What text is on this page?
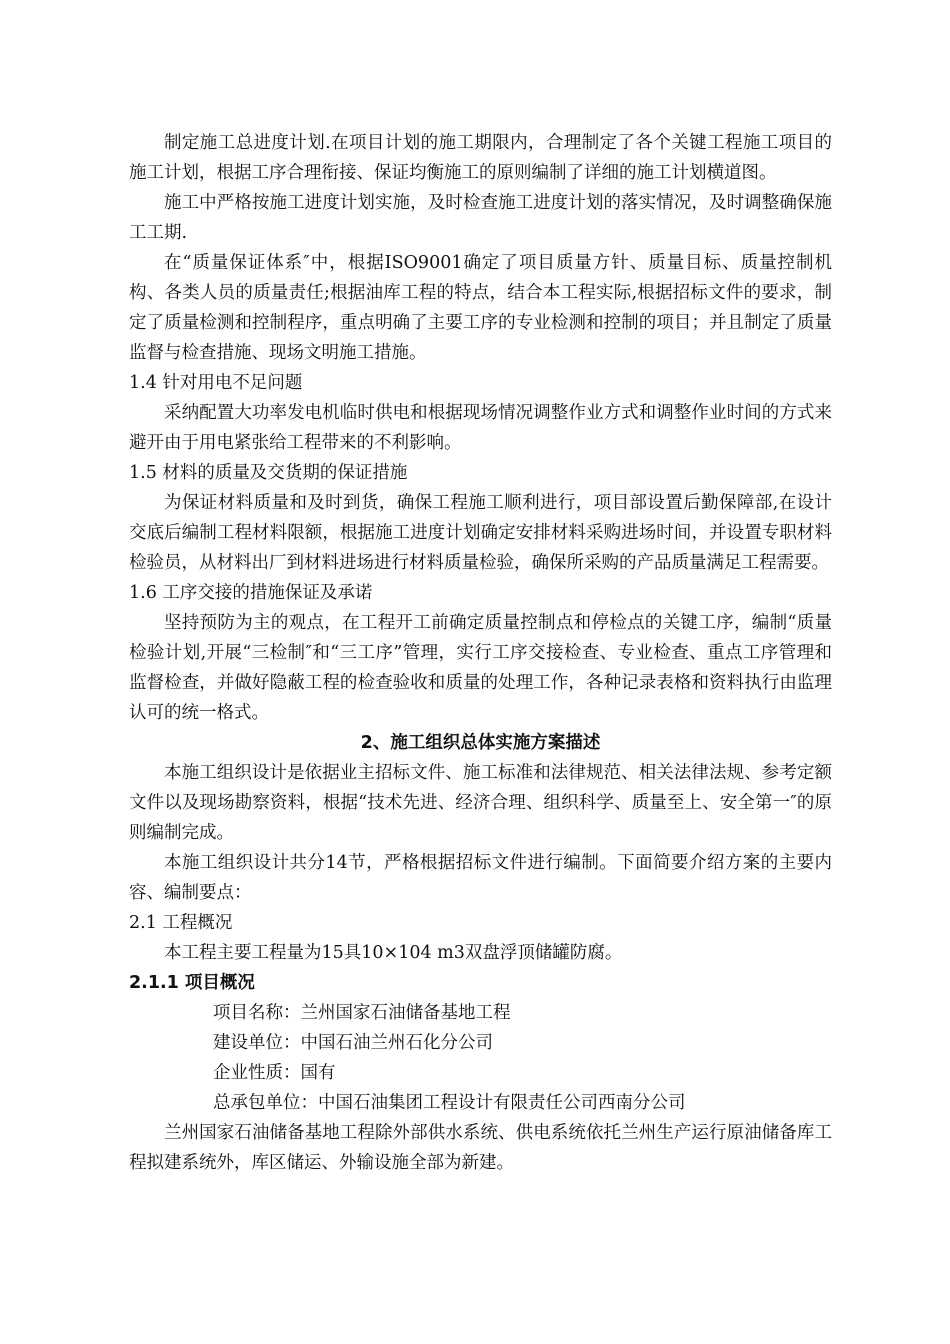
制定施工总进度计划.在项目计划的施工期限内，合理制定了各个关键工程施工项目的施工计划，根据工序合理衔接、保证均衡施工的原则编制了详细的施工计划横道图。

施工中严格按施工进度计划实施，及时检查施工进度计划的落实情况，及时调整确保施工工期.

在“质量保证体系″中，根据ISO9001确定了项目质量方针、质量目标、质量控制机构、各类人员的质量责任;根据油库工程的特点，结合本工程实际,根据招标文件的要求，制定了质量检测和控制程序，重点明确了主要工序的专业检测和控制的项目；并且制定了质量监督与检查措施、现场文明施工措施。

1.4 针对用电不足问题

采纳配置大功率发电机临时供电和根据现场情况调整作业方式和调整作业时间的方式来避开由于用电紧张给工程带来的不利影响。

1.5 材料的质量及交货期的保证措施

为保证材料质量和及时到货，确保工程施工顺利进行，项目部设置后勤保障部,在设计交底后编制工程材料限额，根据施工进度计划确定安排材料采购进场时间，并设置专职材料检验员，从材料出厂到材料进场进行材料质量检验，确保所采购的产品质量满足工程需要。

1.6 工序交接的措施保证及承诺

坚持预防为主的观点，在工程开工前确定质量控制点和停检点的关键工序，编制“质量检验计划,开展“三检制″和“三工序”管理，实行工序交接检查、专业检查、重点工序管理和监督检查，并做好隐蔽工程的检查验收和质量的处理工作，各种记录表格和资料执行由监理认可的统一格式。

2、施工组织总体实施方案描述

本施工组织设计是依据业主招标文件、施工标准和法律规范、相关法律法规、参考定额文件以及现场勘察资料，根据“技术先进、经济合理、组织科学、质量至上、安全第一″的原则编制完成。

本施工组织设计共分14节，严格根据招标文件进行编制。下面简要介绍方案的主要内容、编制要点：

2.1 工程概况

本工程主要工程量为15具10×104 m3双盘浮顶储罐防腐。

2.1.1 项目概况

项目名称：兰州国家石油储备基地工程

建设单位：中国石油兰州石化分公司

企业性质：国有

总承包单位：中国石油集团工程设计有限责任公司西南分公司

兰州国家石油储备基地工程除外部供水系统、供电系统依托兰州生产运行原油储备库工程拟建系统外，库区储运、外输设施全部为新建。
